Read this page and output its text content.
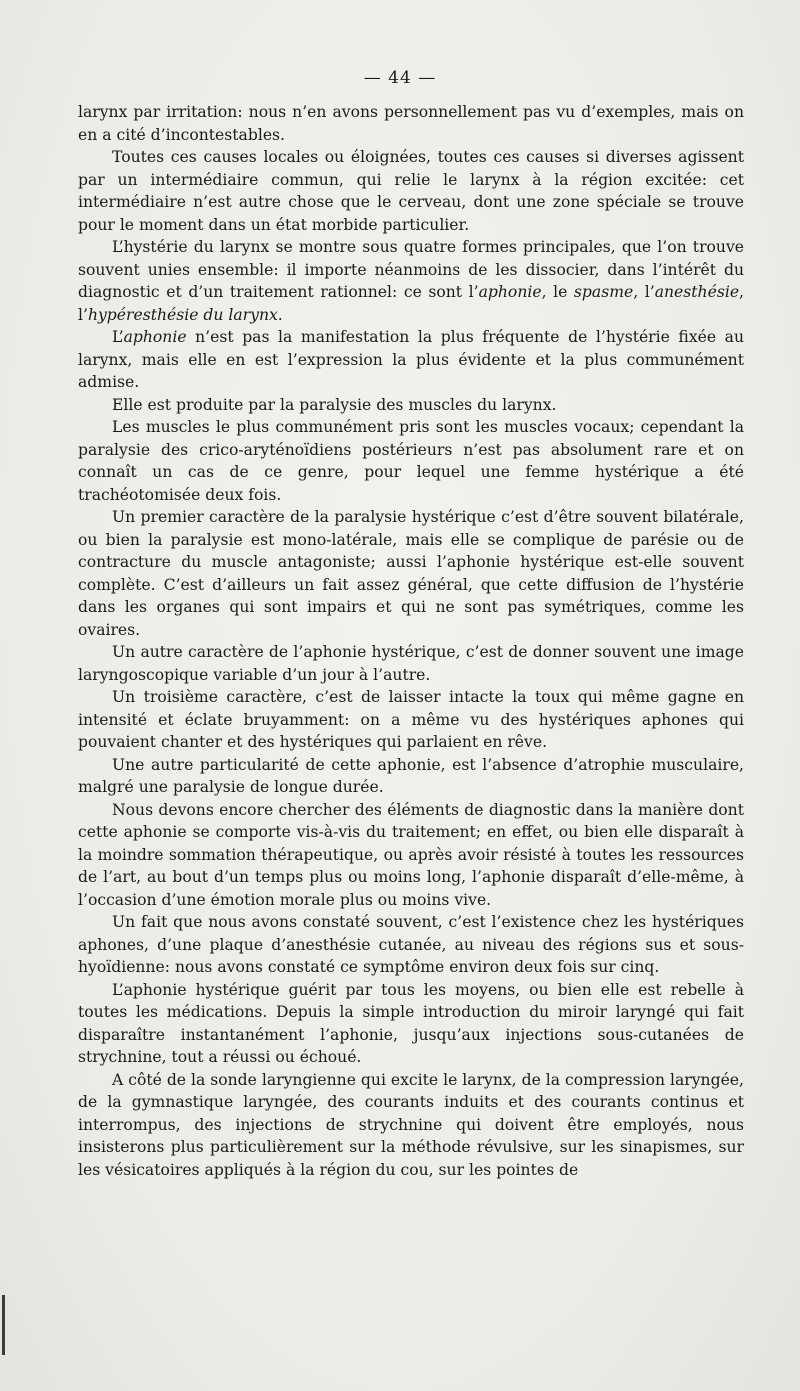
— 44 —

larynx par irritation: nous n’en avons personnellement pas vu d’exemples, mais on en a cité d’incontestables.

Toutes ces causes locales ou éloignées, toutes ces causes si diverses agissent par un intermédiaire commun, qui relie le larynx à la région excitée: cet intermédiaire n’est autre chose que le cerveau, dont une zone spéciale se trouve pour le moment dans un état morbide particulier.

L’hystérie du larynx se montre sous quatre formes principales, que l’on trouve souvent unies ensemble: il importe néanmoins de les dissocier, dans l’intérêt du diagnostic et d’un traitement rationnel: ce sont l’aphonie, le spasme, l’anesthésie, l’hypéresthésie du larynx.

L’aphonie n’est pas la manifestation la plus fréquente de l’hystérie fixée au larynx, mais elle en est l’expression la plus évidente et la plus communément admise.

Elle est produite par la paralysie des muscles du larynx.

Les muscles le plus communément pris sont les muscles vocaux; cependant la paralysie des crico-aryténoïdiens postérieurs n’est pas absolument rare et on connaît un cas de ce genre, pour lequel une femme hystérique a été trachéotomisée deux fois.

Un premier caractère de la paralysie hystérique c’est d’être souvent bilatérale, ou bien la paralysie est mono-latérale, mais elle se complique de parésie ou de contracture du muscle antagoniste; aussi l’aphonie hystérique est-elle souvent complète. C’est d’ailleurs un fait assez général, que cette diffusion de l’hystérie dans les organes qui sont impairs et qui ne sont pas symétriques, comme les ovaires.

Un autre caractère de l’aphonie hystérique, c’est de donner souvent une image laryngoscopique variable d’un jour à l’autre.

Un troisième caractère, c’est de laisser intacte la toux qui même gagne en intensité et éclate bruyamment: on a même vu des hystériques aphones qui pouvaient chanter et des hystériques qui parlaient en rêve.

Une autre particularité de cette aphonie, est l’absence d’atrophie musculaire, malgré une paralysie de longue durée.

Nous devons encore chercher des éléments de diagnostic dans la manière dont cette aphonie se comporte vis-à-vis du traitement; en effet, ou bien elle disparaît à la moindre sommation thérapeutique, ou après avoir résisté à toutes les ressources de l’art, au bout d’un temps plus ou moins long, l’aphonie disparaît d’elle-même, à l’occasion d’une émotion morale plus ou moins vive.

Un fait que nous avons constaté souvent, c’est l’existence chez les hystériques aphones, d’une plaque d’anesthésie cutanée, au niveau des régions sus et sous-hyoïdienne: nous avons constaté ce symptôme environ deux fois sur cinq.

L’aphonie hystérique guérit par tous les moyens, ou bien elle est rebelle à toutes les médications. Depuis la simple introduction du miroir laryngé qui fait disparaître instantanément l’aphonie, jusqu’aux injections sous-cutanées de strychnine, tout a réussi ou échoué.

A côté de la sonde laryngienne qui excite le larynx, de la compression laryngée, de la gymnastique laryngée, des courants induits et des courants continus et interrompus, des injections de strychnine qui doivent être employés, nous insisterons plus particulièrement sur la méthode révulsive, sur les sinapismes, sur les vésicatoires appliqués à la région du cou, sur les pointes de
